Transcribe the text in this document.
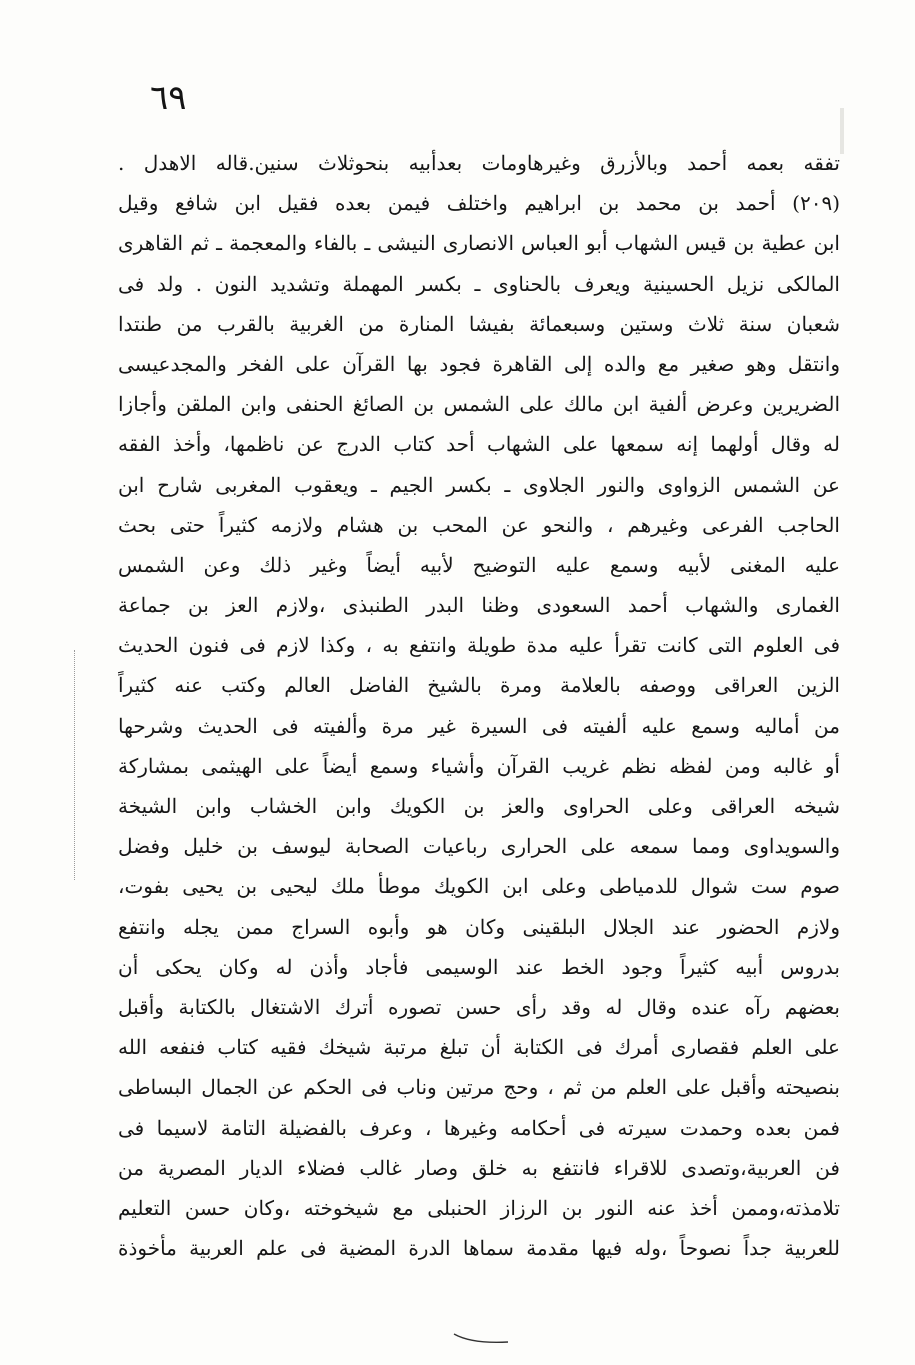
٦٩
تفقه بعمه أحمد وبالأزرق وغيرهاومات بعدأبيه بنحوثلاث سنين.قاله الاهدل .
(٢٠٩) أحمد بن محمد بن ابراهيم واختلف فيمن بعده فقيل ابن شافع وقيل
ابن عطية بن قيس الشهاب أبو العباس الانصارى النيشى ـ بالفاء والمعجمة ـ ثم القاهرى
المالكى نزيل الحسينية ويعرف بالحناوى ـ بكسر المهملة وتشديد النون . ولد فى
شعبان سنة ثلاث وستين وسبعمائة بفيشا المنارة من الغربية بالقرب من طنتدا
وانتقل وهو صغير مع والده إلى القاهرة فجود بها القرآن على الفخر والمجدعيسى
الضريرين وعرض ألفية ابن مالك على الشمس بن الصائغ الحنفى وابن الملقن وأجازا
له وقال أولهما إنه سمعها على الشهاب أحد كتاب الدرج عن ناظمها، وأخذ الفقه
عن الشمس الزواوى والنور الجلاوى ـ بكسر الجيم ـ ويعقوب المغربى شارح ابن
الحاجب الفرعى وغيرهم ، والنحو عن المحب بن هشام ولازمه كثيراً حتى بحث
عليه المغنى لأبيه وسمع عليه التوضيح لأبيه أيضاً وغير ذلك وعن الشمس
الغمارى والشهاب أحمد السعودى وظنا البدر الطنبذى ،ولازم العز بن جماعة
فى العلوم التى كانت تقرأ عليه مدة طويلة وانتفع به ، وكذا لازم فى فنون الحديث
الزين العراقى ووصفه بالعلامة ومرة بالشيخ الفاضل العالم وكتب عنه كثيراً
من أماليه وسمع عليه ألفيته فى السيرة غير مرة وألفيته فى الحديث وشرحها
أو غالبه ومن لفظه نظم غريب القرآن وأشياء وسمع أيضاً على الهيثمى بمشاركة
شيخه العراقى وعلى الحراوى والعز بن الكويك وابن الخشاب وابن الشيخة
والسويداوى ومما سمعه على الحرارى رباعيات الصحابة ليوسف بن خليل وفضل
صوم ست شوال للدمياطى وعلى ابن الكويك موطأ ملك ليحيى بن يحيى بفوت،
ولازم الحضور عند الجلال البلقينى وكان هو وأبوه السراج ممن يجله وانتفع
بدروس أبيه كثيراً وجود الخط عند الوسيمى فأجاد وأذن له وكان يحكى أن
بعضهم رآه عنده وقال له وقد رأى حسن تصوره أترك الاشتغال بالكتابة وأقبل
على العلم فقصارى أمرك فى الكتابة أن تبلغ مرتبة شيخك فقيه كتاب فنفعه الله
بنصيحته وأقبل على العلم من ثم ، وحج مرتين وناب فى الحكم عن الجمال البساطى
فمن بعده وحمدت سيرته فى أحكامه وغيرها ، وعرف بالفضيلة التامة لاسيما فى
فن العربية،وتصدى للاقراء فانتفع به خلق وصار غالب فضلاء الديار المصرية من
تلامذته،وممن أخذ عنه النور بن الرزاز الحنبلى مع شيخوخته ،وكان حسن التعليم
للعربية جداً نصوحاً ،وله فيها مقدمة سماها الدرة المضية فى علم العربية مأخوذة
